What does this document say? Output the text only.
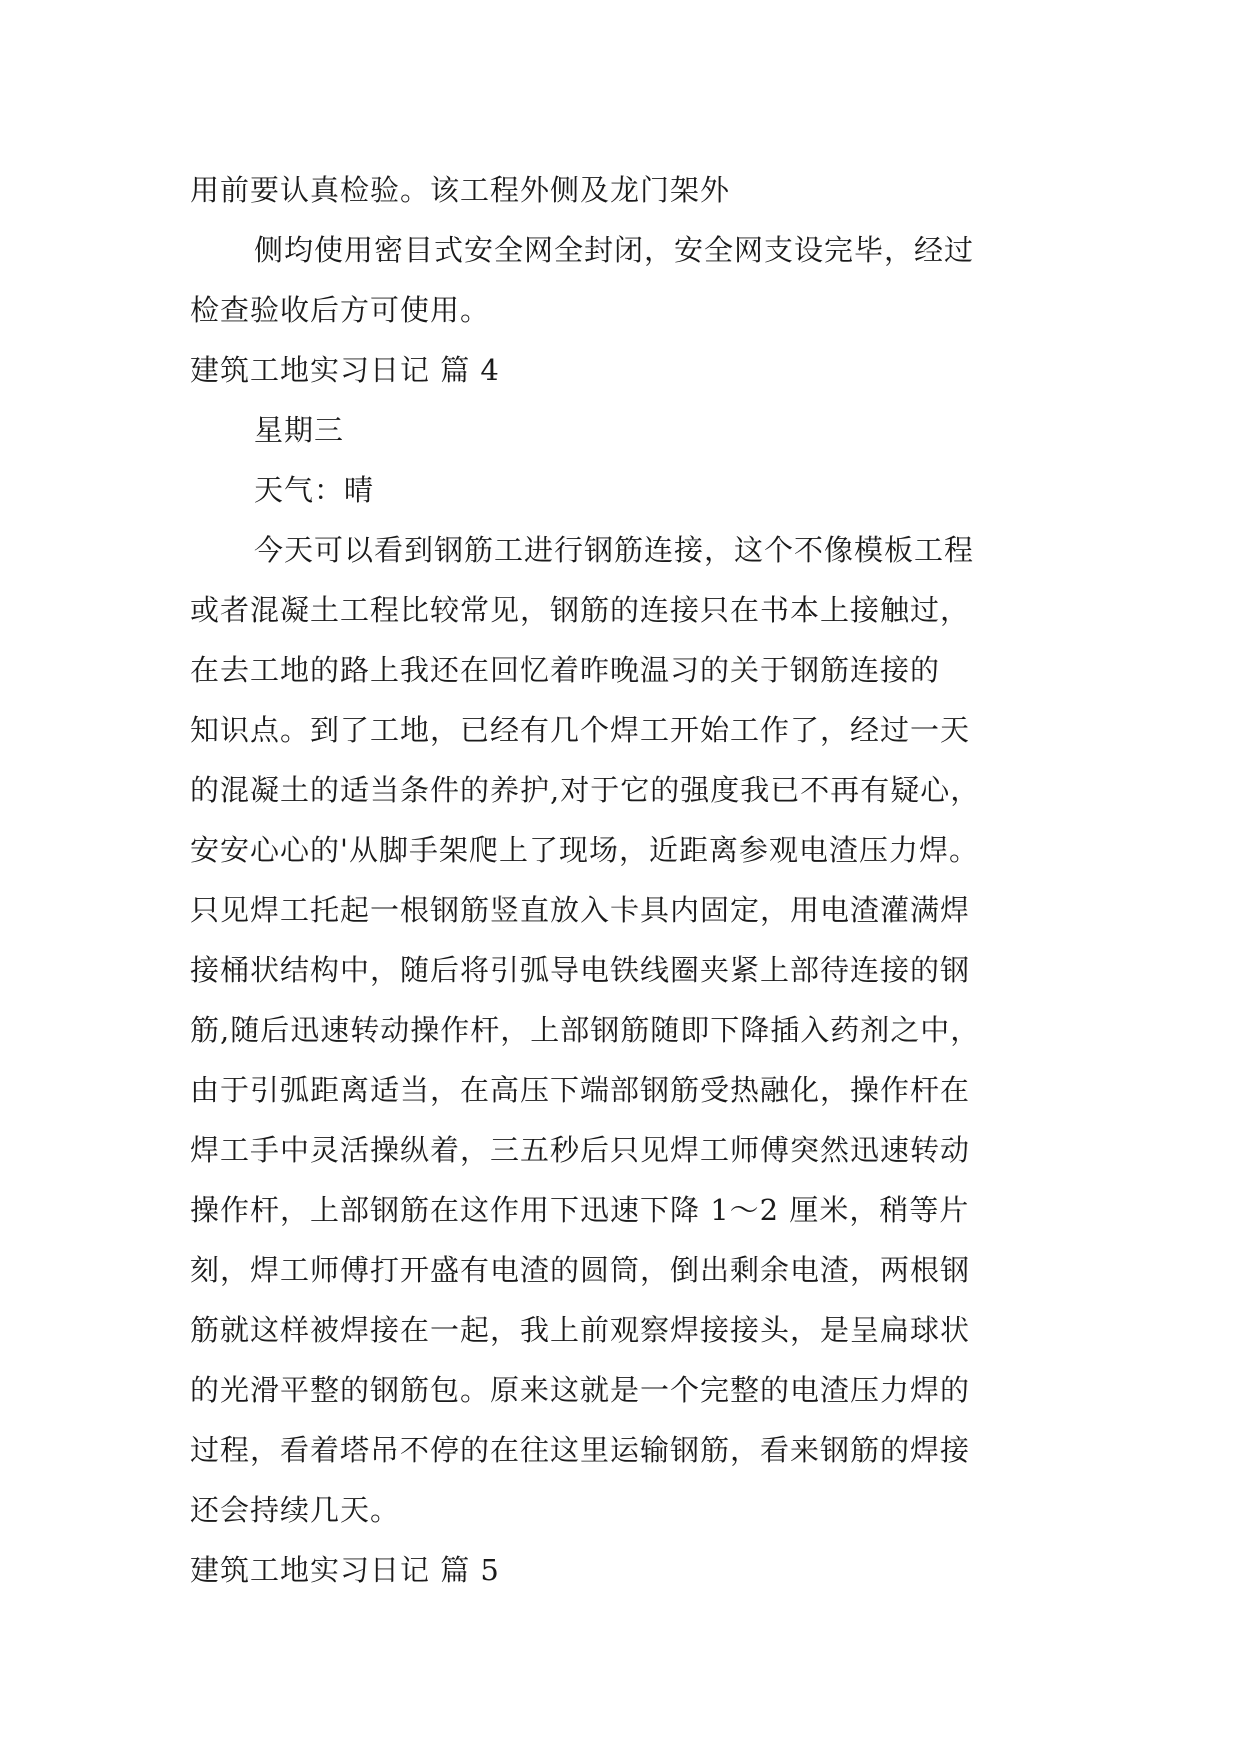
用前要认真检验。该工程外侧及龙门架外
侧均使用密目式安全网全封闭，安全网支设完毕，经过
检查验收后方可使用。
建筑工地实习日记 篇 4
星期三
天气：晴
今天可以看到钢筋工进行钢筋连接，这个不像模板工程
或者混凝土工程比较常见，钢筋的连接只在书本上接触过，
在去工地的路上我还在回忆着昨晚温习的关于钢筋连接的
知识点。到了工地，已经有几个焊工开始工作了，经过一天
的混凝土的适当条件的养护,对于它的强度我已不再有疑心，
安安心心的'从脚手架爬上了现场，近距离参观电渣压力焊。
只见焊工托起一根钢筋竖直放入卡具内固定，用电渣灌满焊
接桶状结构中，随后将引弧导电铁线圈夹紧上部待连接的钢
筋,随后迅速转动操作杆，上部钢筋随即下降插入药剂之中，
由于引弧距离适当，在高压下端部钢筋受热融化，操作杆在
焊工手中灵活操纵着，三五秒后只见焊工师傅突然迅速转动
操作杆，上部钢筋在这作用下迅速下降 1～2 厘米，稍等片
刻，焊工师傅打开盛有电渣的圆筒，倒出剩余电渣，两根钢
筋就这样被焊接在一起，我上前观察焊接接头，是呈扁球状
的光滑平整的钢筋包。原来这就是一个完整的电渣压力焊的
过程，看着塔吊不停的在往这里运输钢筋，看来钢筋的焊接
还会持续几天。
建筑工地实习日记 篇 5
